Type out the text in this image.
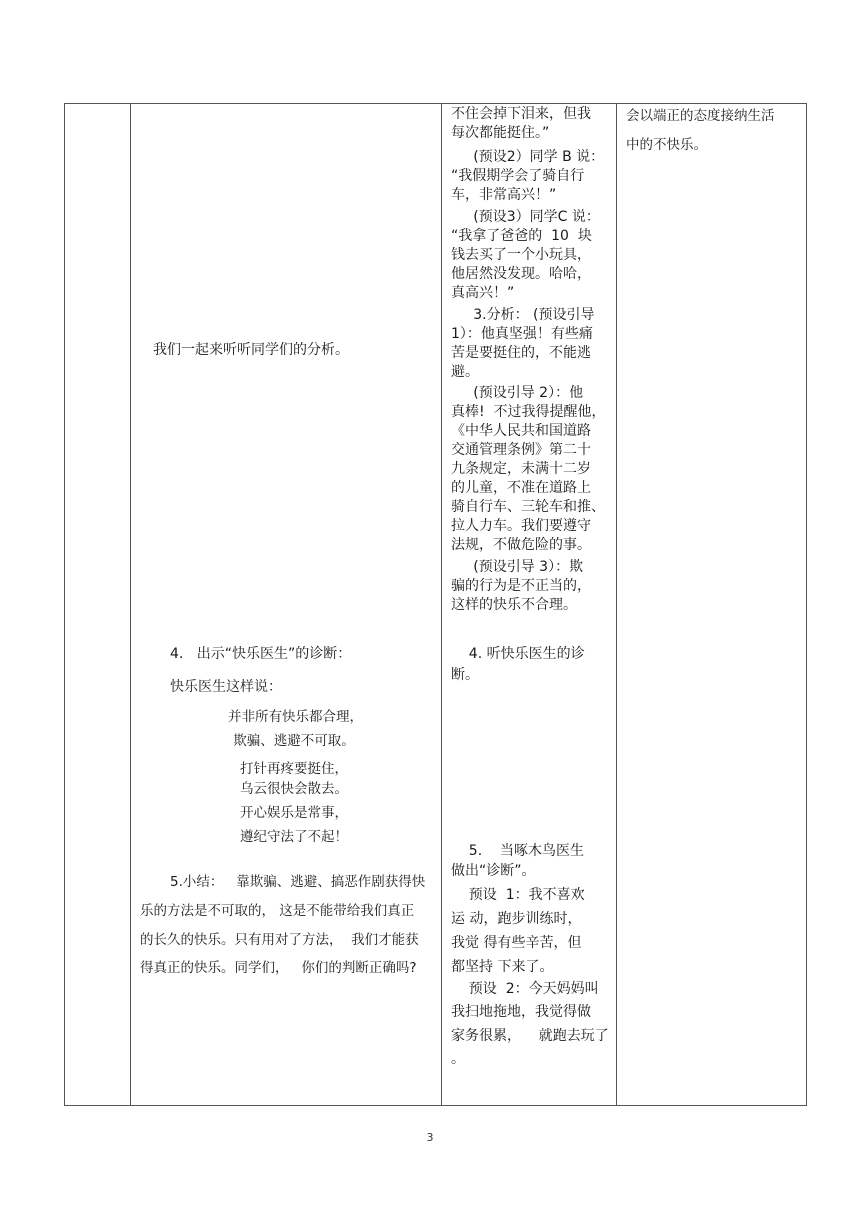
我们一起来听听同学们的分析。
4.   出示“快乐医生”的诊断：
快乐医生这样说：
并非所有快乐都合理，
欺骗、逃避不可取。
打针再疼要挺住，
乌云很快会散去。
开心娱乐是常事，
遵纪守法了不起！
5.小结：   靠欺骗、逃避、搞恶作剧获得快
乐的方法是不可取的， 这是不能带给我们真正
的长久的快乐。只有用对了方法，  我们才能获
得真正的快乐。同学们，   你们的判断正确吗?
不住会掉下泪来，但我
每次都能挺住。”
(预设2）同学 B 说：
“我假期学会了骑自行
车，非常高兴！”
(预设3）同学C 说：
“我拿了爸爸的  10  块
钱去买了一个小玩具，
他居然没发现。哈哈，
真高兴！”
3.分析： (预设引导
1）：他真坚强！有些痛
苦是要挺住的，不能逃
避。
(预设引导 2）：他
真棒!  不过我得提醒他，
《中华人民共和国道路
交通管理条例》第二十
九条规定，未满十二岁
的儿童，不准在道路上
骑自行车、三轮车和推、
拉人力车。我们要遵守
法规，不做危险的事。
(预设引导 3）：欺
骗的行为是不正当的，
这样的快乐不合理。
4. 听快乐医生的诊
断。
5.    当啄木鸟医生
做出“诊断”。
预设  1：我不喜欢
运 动，跑步训练时，
我觉 得有些辛苦，但
都坚持 下来了。
预设  2：今天妈妈叫
我扫地拖地，我觉得做
家务很累，    就跑去玩了
。
会以端正的态度接纳生活
中的不快乐。
3
